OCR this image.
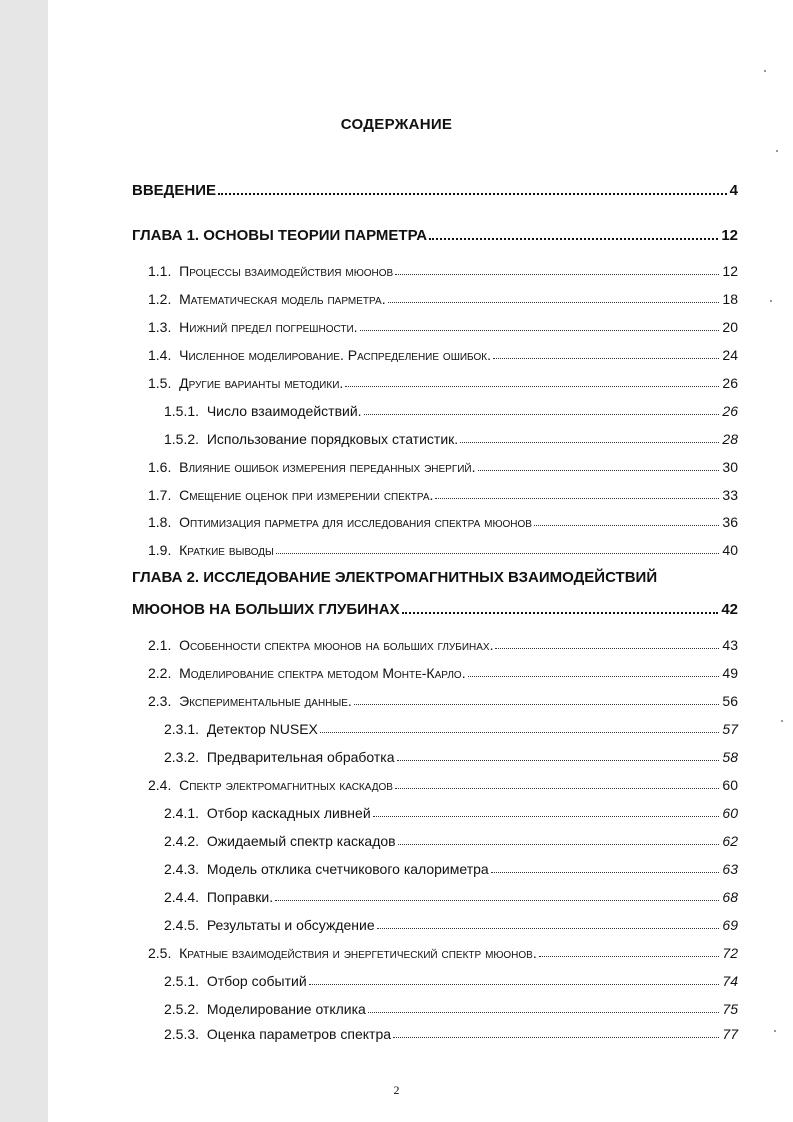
СОДЕРЖАНИЕ
ВВЕДЕНИЕ	4
ГЛАВА 1. ОСНОВЫ ТЕОРИИ ПАРМЕТРА	12
1.1. Процессы взаимодействия мюонов	12
1.2. Математическая модель парметра.	18
1.3. Нижний предел погрешности.	20
1.4. Численное моделирование. Распределение ошибок.	24
1.5. Другие варианты методики.	26
1.5.1. Число взаимодействий.	26
1.5.2. Использование порядковых статистик.	28
1.6. Влияние ошибок измерения переданных энергий.	30
1.7. Смещение оценок при измерении спектра.	33
1.8. Оптимизация парметра для исследования спектра мюонов	36
1.9. Краткие выводы	40
ГЛАВА 2. ИССЛЕДОВАНИЕ ЭЛЕКТРОМАГНИТНЫХ ВЗАИМОДЕЙСТВИЙ
МЮОНОВ НА БОЛЬШИХ ГЛУБИНАХ	42
2.1. Особенности спектра мюонов на больших глубинах.	43
2.2. Моделирование спектра методом Монте-Карло.	49
2.3. Экспериментальные данные.	56
2.3.1. Детектор NUSEX	57
2.3.2. Предварительная обработка	58
2.4. Спектр электромагнитных каскадов	60
2.4.1. Отбор каскадных ливней	60
2.4.2. Ожидаемый спектр каскадов	62
2.4.3. Модель отклика счетчикового калориметра	63
2.4.4. Поправки.	68
2.4.5. Результаты и обсуждение	69
2.5. Кратные взаимодействия и энергетический спектр мюонов.	72
2.5.1. Отбор событий	74
2.5.2. Моделирование отклика	75
2.5.3. Оценка параметров спектра	77
2
